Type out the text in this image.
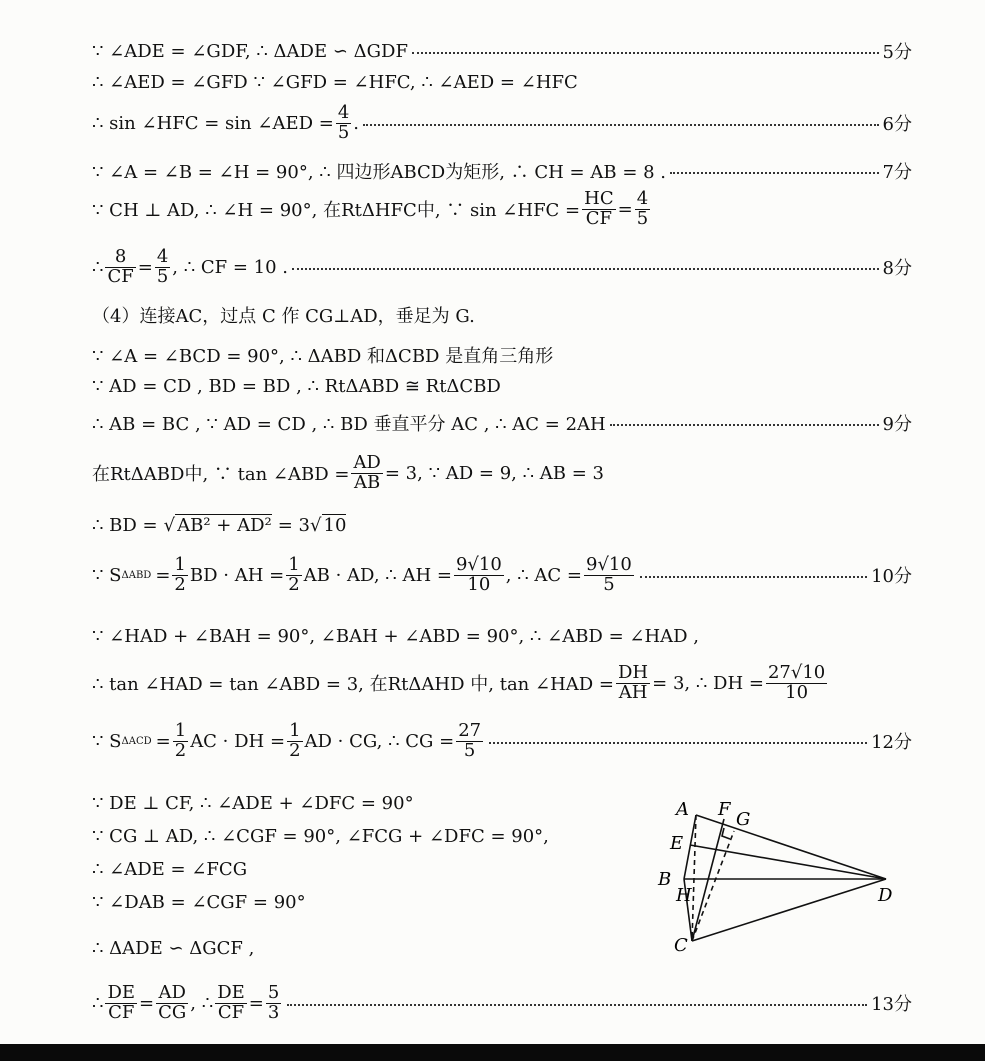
∵ ∠ADE = ∠GDF, ∴ ΔADE ∽ ΔGDF	5分
∴ ∠AED = ∠GFD ∵ ∠GFD = ∠HFC, ∴ ∠AED = ∠HFC
∴ sin ∠HFC = sin ∠AED = $\frac{4}{5}$ .	6分
∵ ∠A = ∠B = ∠H = 90°, ∴ 四边形ABCD为矩形, ∴ CH = AB = 8 .	7分
∵ CH ⊥ AD, ∴ ∠H = 90°, 在RtΔHFC中, ∵ sin ∠HFC = $\frac{HC}{CF} = \frac{4}{5}$
∴ $\frac{8}{CF} = \frac{4}{5}$ , ∴ CF = 10 .	8分
（4）连接AC，过点 C 作 CG⊥AD，垂足为 G.
∵ ∠A = ∠BCD = 90°, ∴ ΔABD 和ΔCBD 是直角三角形
∵ AD = CD , BD = BD , ∴ RtΔABD ≅ RtΔCBD
∴ AB = BC , ∵ AD = CD , ∴ BD 垂直平分 AC , ∴ AC = 2AH	9分
在RtΔABD中, ∵ tan ∠ABD = $\frac{AD}{AB} = 3$, ∵ AD = 9, ∴ AB = 3
∴ BD = √ AB² + AD² = 3 √ 10
∵ S $\Delta ABD = \frac{1}{2}$ BD · AH = $\frac{1}{2}$ AB · AD, ∴ AH = $\frac{9√10}{10}$ , ∴ AC = $\frac{9√10}{5}$	10分
∵ ∠HAD + ∠BAH = 90°, ∠BAH + ∠ABD = 90°, ∴ ∠ABD = ∠HAD ,
∴ tan ∠HAD = tan ∠ABD = 3, 在RtΔAHD 中, tan ∠HAD = $\frac{DH}{AH} = 3$, ∴ DH = $\frac{27√10}{10}$
∵ S $\Delta ACD = \frac{1}{2}$ AC · DH = $\frac{1}{2}$ AD · CG, ∴ CG = $\frac{27}{5}$	12分
∵ DE ⊥ CF, ∴ ∠ADE + ∠DFC = 90°
∵ CG ⊥ AD, ∴ ∠CGF = 90°, ∠FCG + ∠DFC = 90°,
∴ ∠ADE = ∠FCG
∵ ∠DAB = ∠CGF = 90°
∴ ΔADE ∽ ΔGCF ,
∴ $\frac{DE}{CF} = \frac{AD}{CG}$ , ∴ $\frac{DE}{CF} = \frac{5}{3}$	13分
A F G
E
B
H
C
D
